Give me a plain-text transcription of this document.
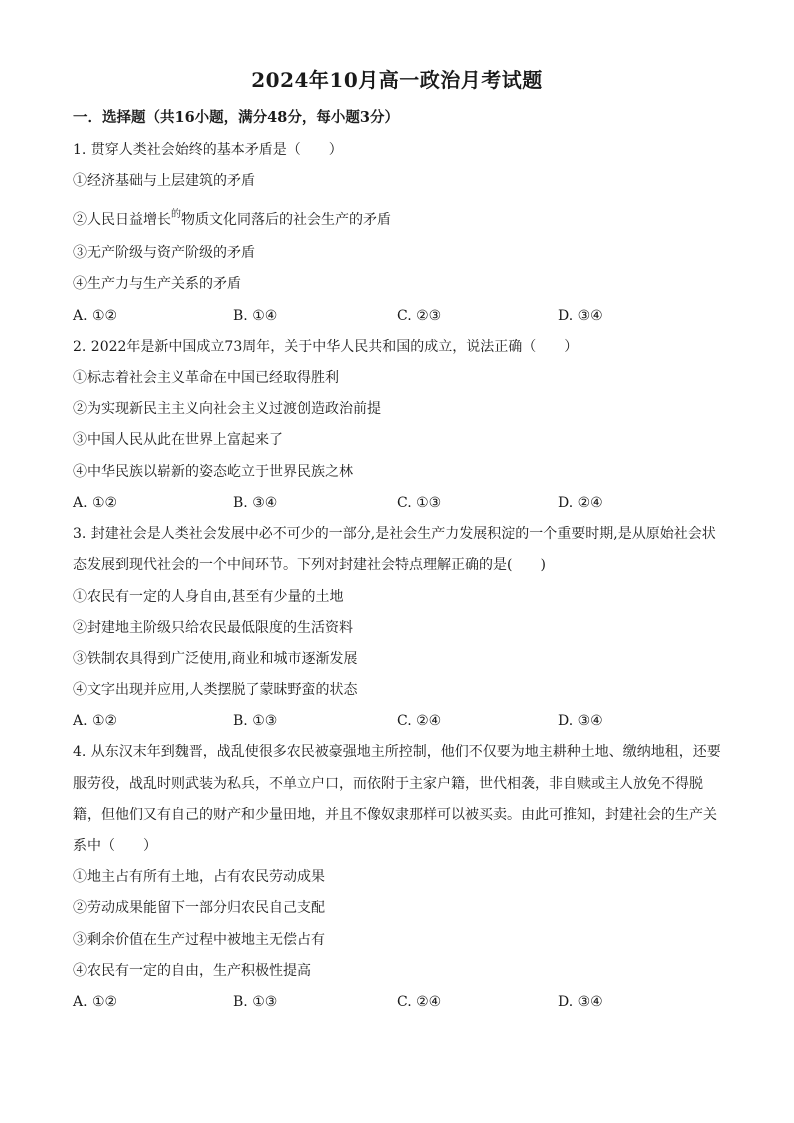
2024年10月高一政治月考试题
一．选择题（共16小题，满分48分，每小题3分）
1. 贯穿人类社会始终的基本矛盾是（　　）
①经济基础与上层建筑的矛盾
②人民日益增长$^的$物质文化同落后的社会生产的矛盾
③无产阶级与资产阶级的矛盾
④生产力与生产关系的矛盾
A. ①②	B. ①④	C. ②③	D. ③④
2. 2022年是新中国成立73周年，关于中华人民共和国的成立，说法正确（　　）
①标志着社会主义革命在中国已经取得胜利
②为实现新民主主义向社会主义过渡创造政治前提
③中国人民从此在世界上富起来了
④中华民族以崭新的姿态屹立于世界民族之林
A. ①②	B. ③④	C. ①③	D. ②④
3. 封建社会是人类社会发展中必不可少的一部分,是社会生产力发展积淀的一个重要时期,是从原始社会状
态发展到现代社会的一个中间环节。下列对封建社会特点理解正确的是(　　)
①农民有一定的人身自由,甚至有少量的土地
②封建地主阶级只给农民最低限度的生活资料
③铁制农具得到广泛使用,商业和城市逐渐发展
④文字出现并应用,人类摆脱了蒙昧野蛮的状态
A. ①②	B. ①③	C. ②④	D. ③④
4. 从东汉末年到魏晋，战乱使很多农民被豪强地主所控制，他们不仅要为地主耕种土地、缴纳地租，还要
服劳役，战乱时则武装为私兵，不单立户口，而依附于主家户籍，世代相袭，非自赎或主人放免不得脱
籍，但他们又有自己的财产和少量田地，并且不像奴隶那样可以被买卖。由此可推知，封建社会的生产关
系中（　　）
①地主占有所有土地，占有农民劳动成果
②劳动成果能留下一部分归农民自己支配
③剩余价值在生产过程中被地主无偿占有
④农民有一定的自由，生产积极性提高
A. ①②	B. ①③	C. ②④	D. ③④
